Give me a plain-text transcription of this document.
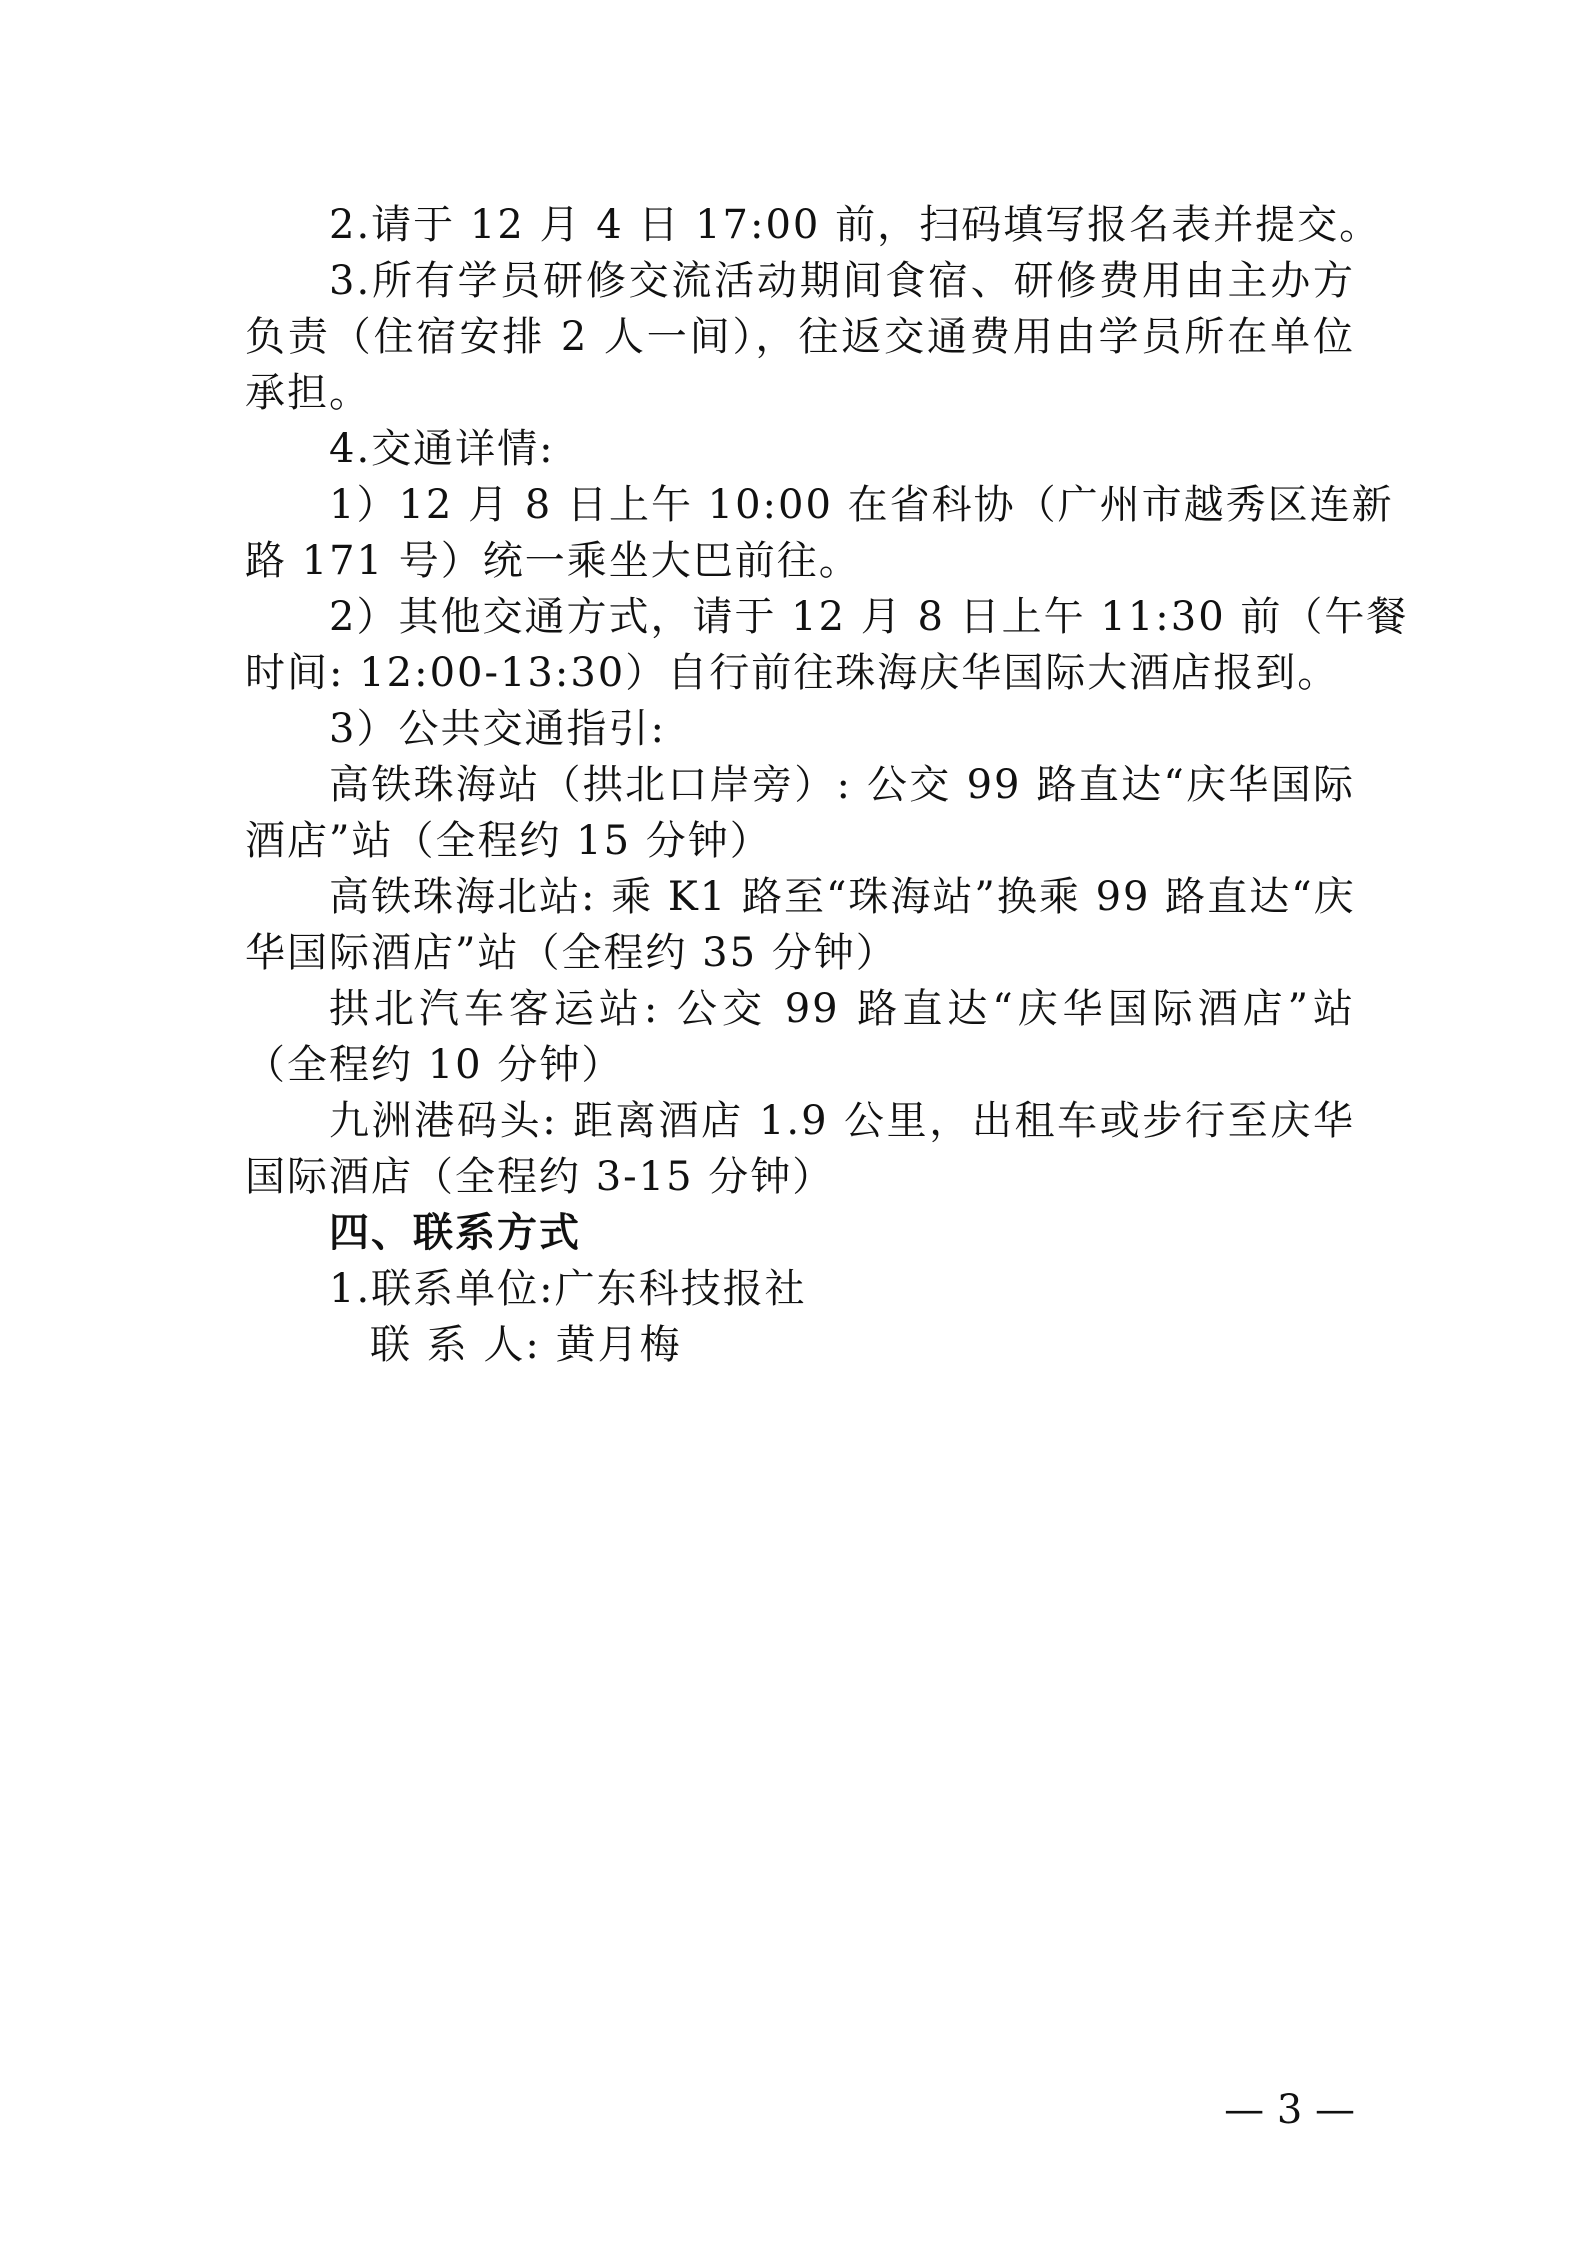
2.请于 12 月 4 日 17:00 前，扫码填写报名表并提交。
3.所有学员研修交流活动期间食宿、研修费用由主办方
负责（住宿安排 2 人一间），往返交通费用由学员所在单位
承担。
4.交通详情:
1）12 月 8 日上午 10:00 在省科协（广州市越秀区连新
路 171 号）统一乘坐大巴前往。
2）其他交通方式，请于 12 月 8 日上午 11:30 前（午餐
时间: 12:00-13:30）自行前往珠海庆华国际大酒店报到。
3）公共交通指引:
高铁珠海站（拱北口岸旁）: 公交 99 路直达“庆华国际
酒店”站（全程约 15 分钟）
高铁珠海北站: 乘 K1 路至“珠海站”换乘 99 路直达“庆
华国际酒店”站（全程约 35 分钟）
拱北汽车客运站: 公交 99 路直达“庆华国际酒店”站
（全程约 10 分钟）
九洲港码头: 距离酒店 1.9 公里，出租车或步行至庆华
国际酒店（全程约 3-15 分钟）
四、联系方式
1.联系单位:广东科技报社
联 系 人: 黄月梅
— 3 —
